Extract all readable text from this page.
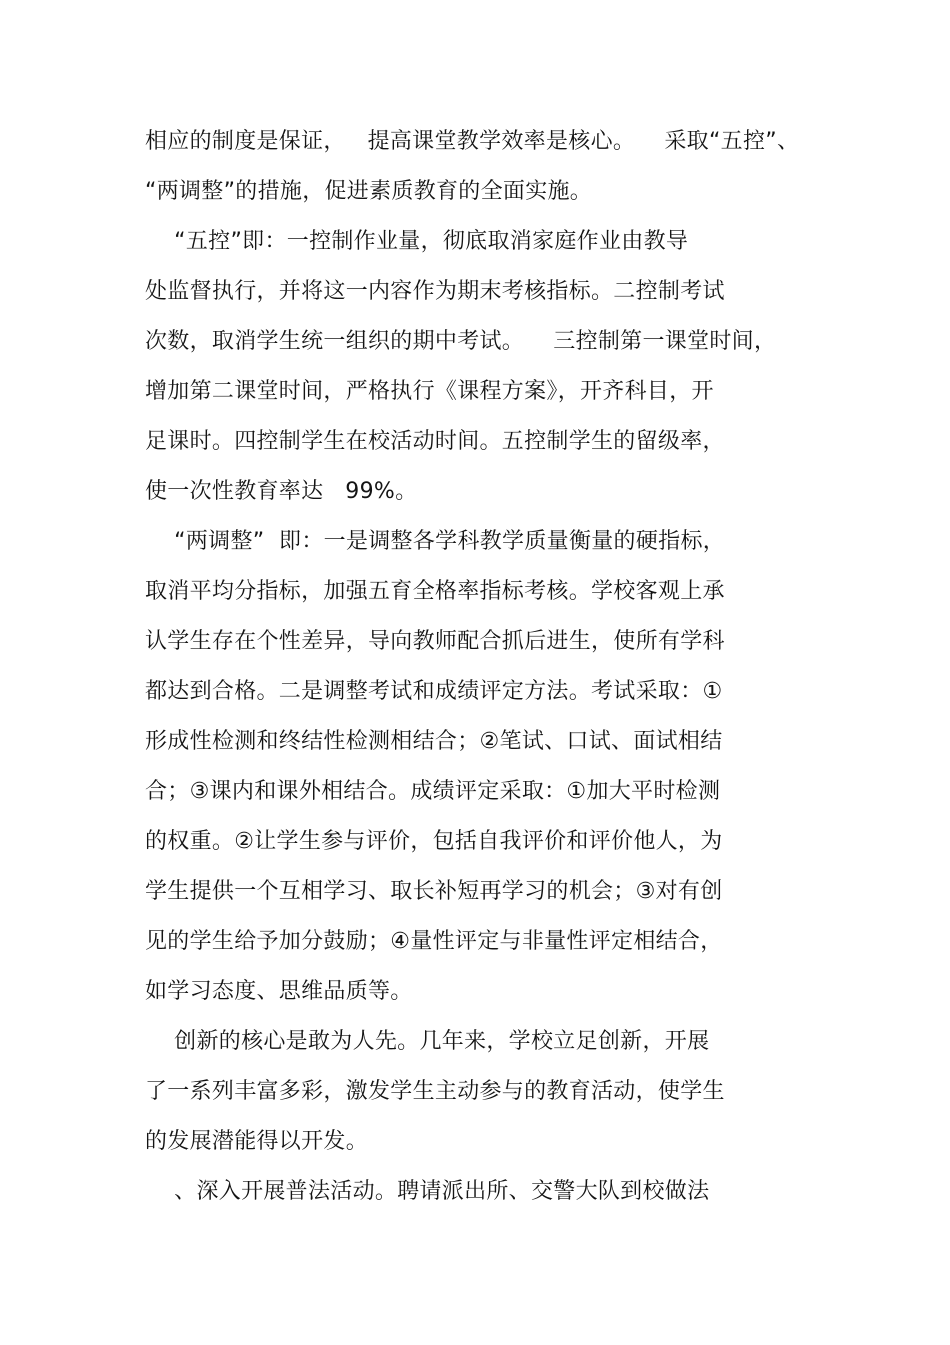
相应的制度是保证，   提高课堂教学效率是核心。    采取“五控”、
“两调整”的措施，促进素质教育的全面实施。
“五控”即：一控制作业量，彻底取消家庭作业由教导
处监督执行，并将这一内容作为期末考核指标。二控制考试
次数，取消学生统一组织的期中考试。    三控制第一课堂时间，
增加第二课堂时间，严格执行《课程方案》，开齐科目，开
足课时。四控制学生在校活动时间。五控制学生的留级率，
使一次性教育率达   99%。
“两调整”  即：一是调整各学科教学质量衡量的硬指标，
取消平均分指标，加强五育全格率指标考核。学校客观上承
认学生存在个性差异，导向教师配合抓后进生，使所有学科
都达到合格。二是调整考试和成绩评定方法。考试采取：①
形成性检测和终结性检测相结合；②笔试、口试、面试相结
合；③课内和课外相结合。成绩评定采取：①加大平时检测
的权重。②让学生参与评价，包括自我评价和评价他人，为
学生提供一个互相学习、取长补短再学习的机会；③对有创
见的学生给予加分鼓励；④量性评定与非量性评定相结合，
如学习态度、思维品质等。
创新的核心是敢为人先。几年来，学校立足创新，开展
了一系列丰富多彩，激发学生主动参与的教育活动，使学生
的发展潜能得以开发。
、深入开展普法活动。聘请派出所、交警大队到校做法
